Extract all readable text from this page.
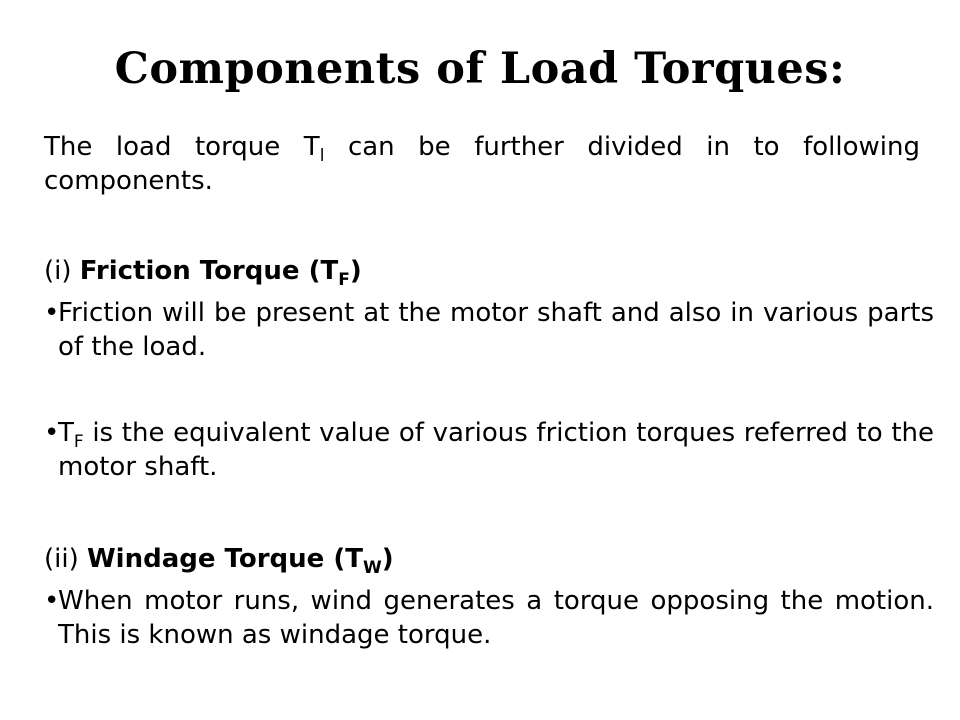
Components of Load Torques:
The load torque $T_l$ can be further divided in to following components.
(i) Friction Torque $(T_F)$
•Friction will be present at the motor shaft and also in various parts of the load.
$•T_F$ is the equivalent value of various friction torques referred to the motor shaft.
(ii) Windage Torque $(T_W)$
•When motor runs, wind generates a torque opposing the motion. This is known as windage torque.
